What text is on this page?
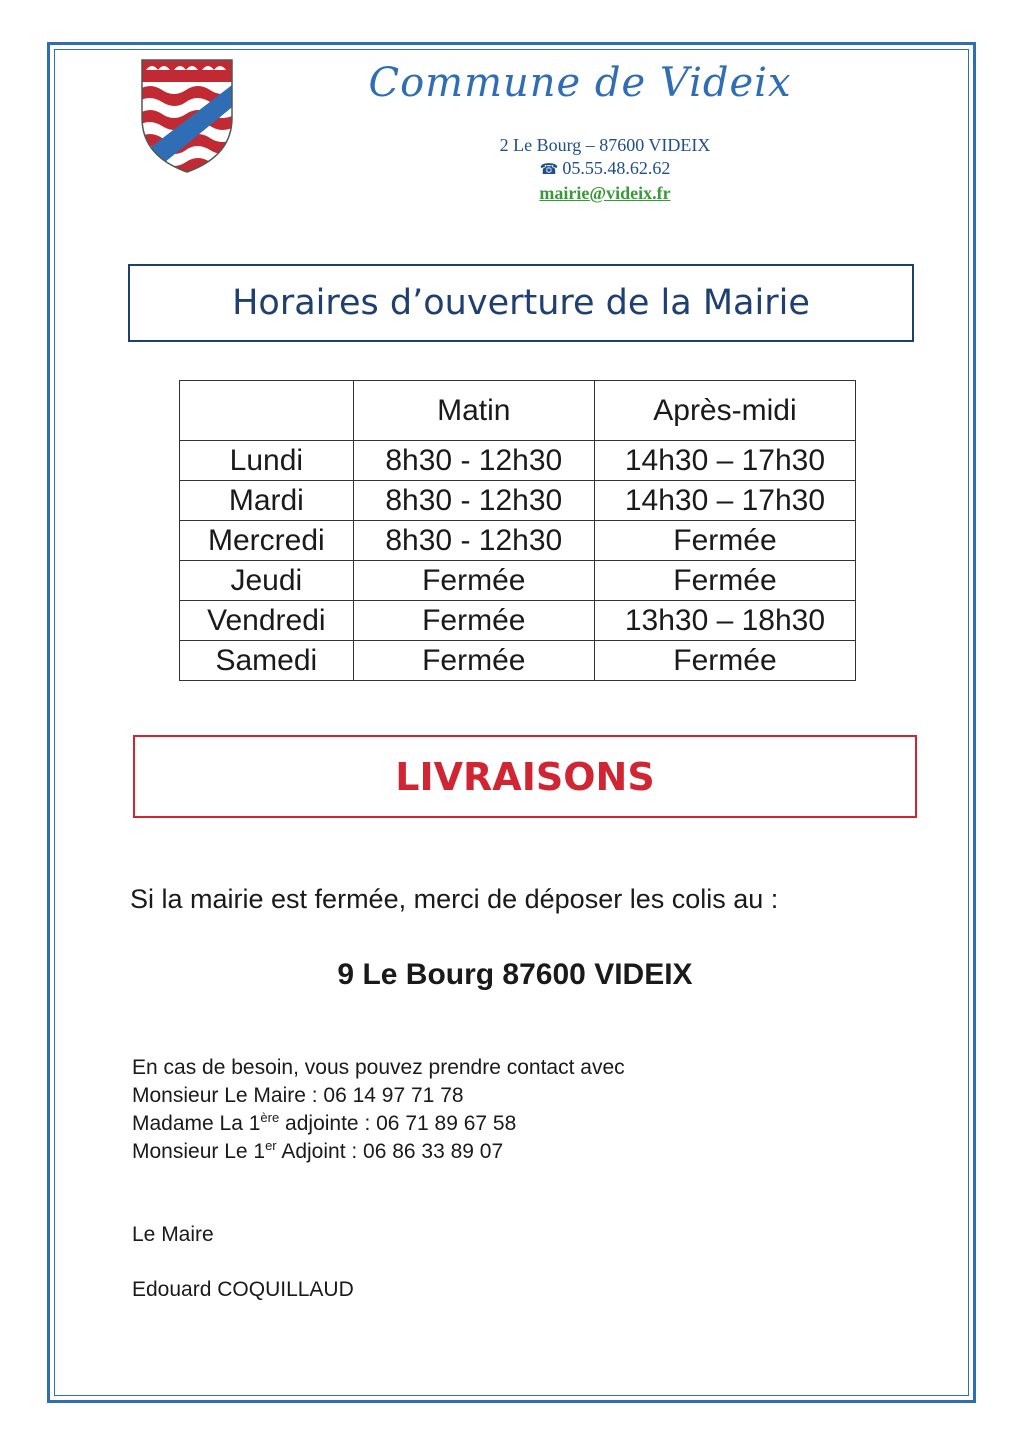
Commune de Videix
2 Le Bourg – 87600 VIDEIX
☎ 05.55.48.62.62
mairie@videix.fr
Horaires d’ouverture de la Mairie
	Matin	Après-midi
Lundi	8h30 - 12h30	14h30 – 17h30
Mardi	8h30 - 12h30	14h30 – 17h30
Mercredi	8h30 - 12h30	Fermée
Jeudi	Fermée	Fermée
Vendredi	Fermée	13h30 – 18h30
Samedi	Fermée	Fermée
LIVRAISONS
Si la mairie est fermée, merci de déposer les colis au :
9 Le Bourg 87600 VIDEIX
En cas de besoin, vous pouvez prendre contact avec
Monsieur Le Maire : 06 14 97 71 78
Madame La 1ère adjointe : 06 71 89 67 58
Monsieur Le 1er Adjoint : 06 86 33 89 07
Le Maire
Edouard COQUILLAUD
